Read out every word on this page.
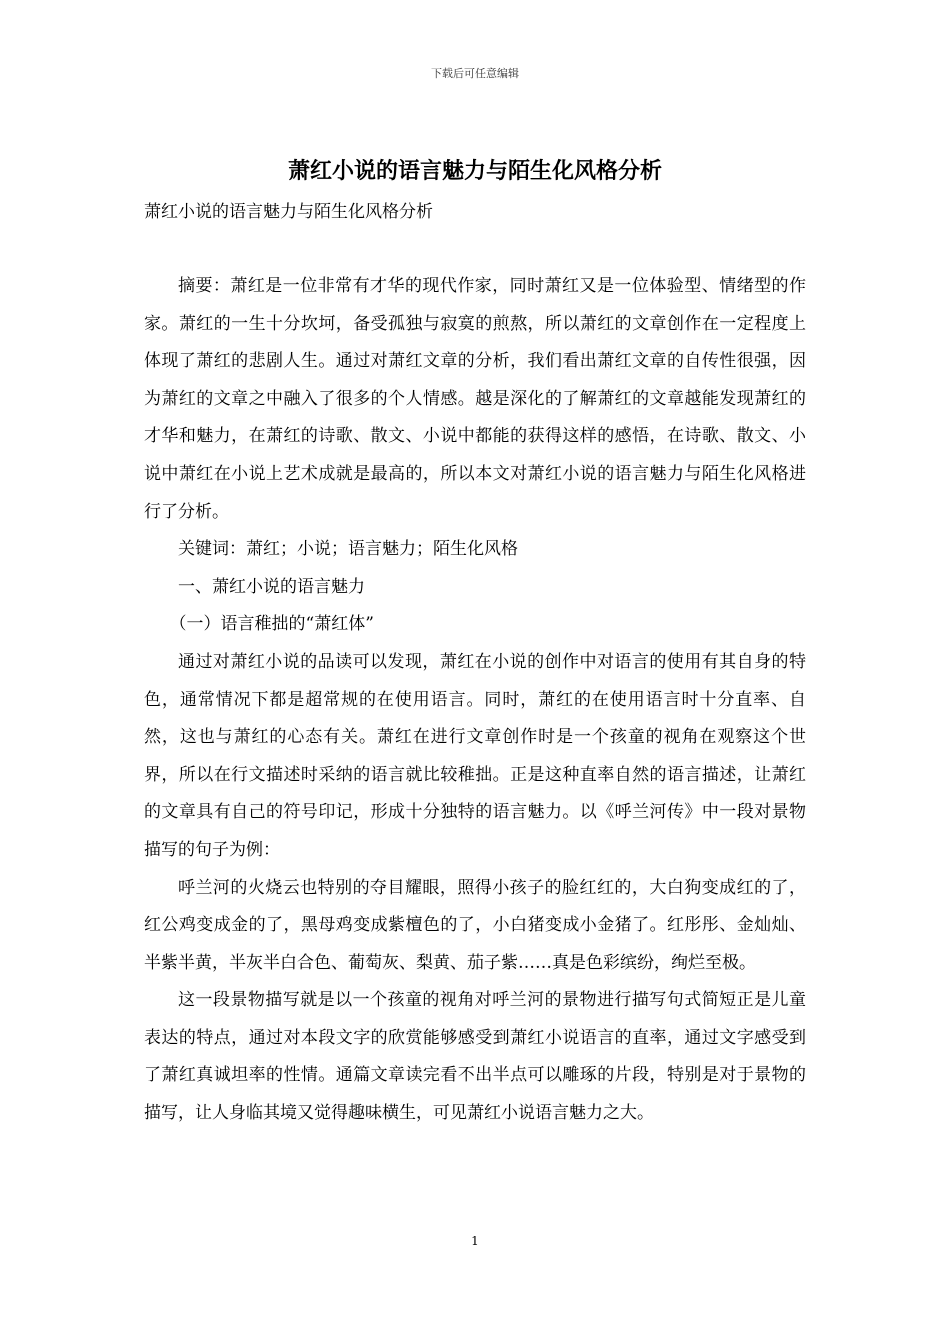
下载后可任意编辑
萧红小说的语言魅力与陌生化风格分析
萧红小说的语言魅力与陌生化风格分析

摘要：萧红是一位非常有才华的现代作家，同时萧红又是一位体验型、情绪型的作家。萧红的一生十分坎坷，备受孤独与寂寞的煎熬，所以萧红的文章创作在一定程度上体现了萧红的悲剧人生。通过对萧红文章的分析，我们看出萧红文章的自传性很强，因为萧红的文章之中融入了很多的个人情感。越是深化的了解萧红的文章越能发现萧红的才华和魅力，在萧红的诗歌、散文、小说中都能的获得这样的感悟，在诗歌、散文、小说中萧红在小说上艺术成就是最高的，所以本文对萧红小说的语言魅力与陌生化风格进行了分析。

关键词：萧红；小说；语言魅力；陌生化风格

一、萧红小说的语言魅力

（一）语言稚拙的“萧红体”

通过对萧红小说的品读可以发现，萧红在小说的创作中对语言的使用有其自身的特色，通常情况下都是超常规的在使用语言。同时，萧红的在使用语言时十分直率、自然，这也与萧红的心态有关。萧红在进行文章创作时是一个孩童的视角在观察这个世界，所以在行文描述时采纳的语言就比较稚拙。正是这种直率自然的语言描述，让萧红的文章具有自己的符号印记，形成十分独特的语言魅力。以《呼兰河传》中一段对景物描写的句子为例：

呼兰河的火烧云也特别的夺目耀眼，照得小孩子的脸红红的，大白狗变成红的了，红公鸡变成金的了，黑母鸡变成紫檀色的了，小白猪变成小金猪了。红彤彤、金灿灿、半紫半黄，半灰半白合色、葡萄灰、梨黄、茄子紫……真是色彩缤纷，绚烂至极。

这一段景物描写就是以一个孩童的视角对呼兰河的景物进行描写句式简短正是儿童表达的特点，通过对本段文字的欣赏能够感受到萧红小说语言的直率，通过文字感受到了萧红真诚坦率的性情。通篇文章读完看不出半点可以雕琢的片段，特别是对于景物的描写，让人身临其境又觉得趣味横生，可见萧红小说语言魅力之大。

1
